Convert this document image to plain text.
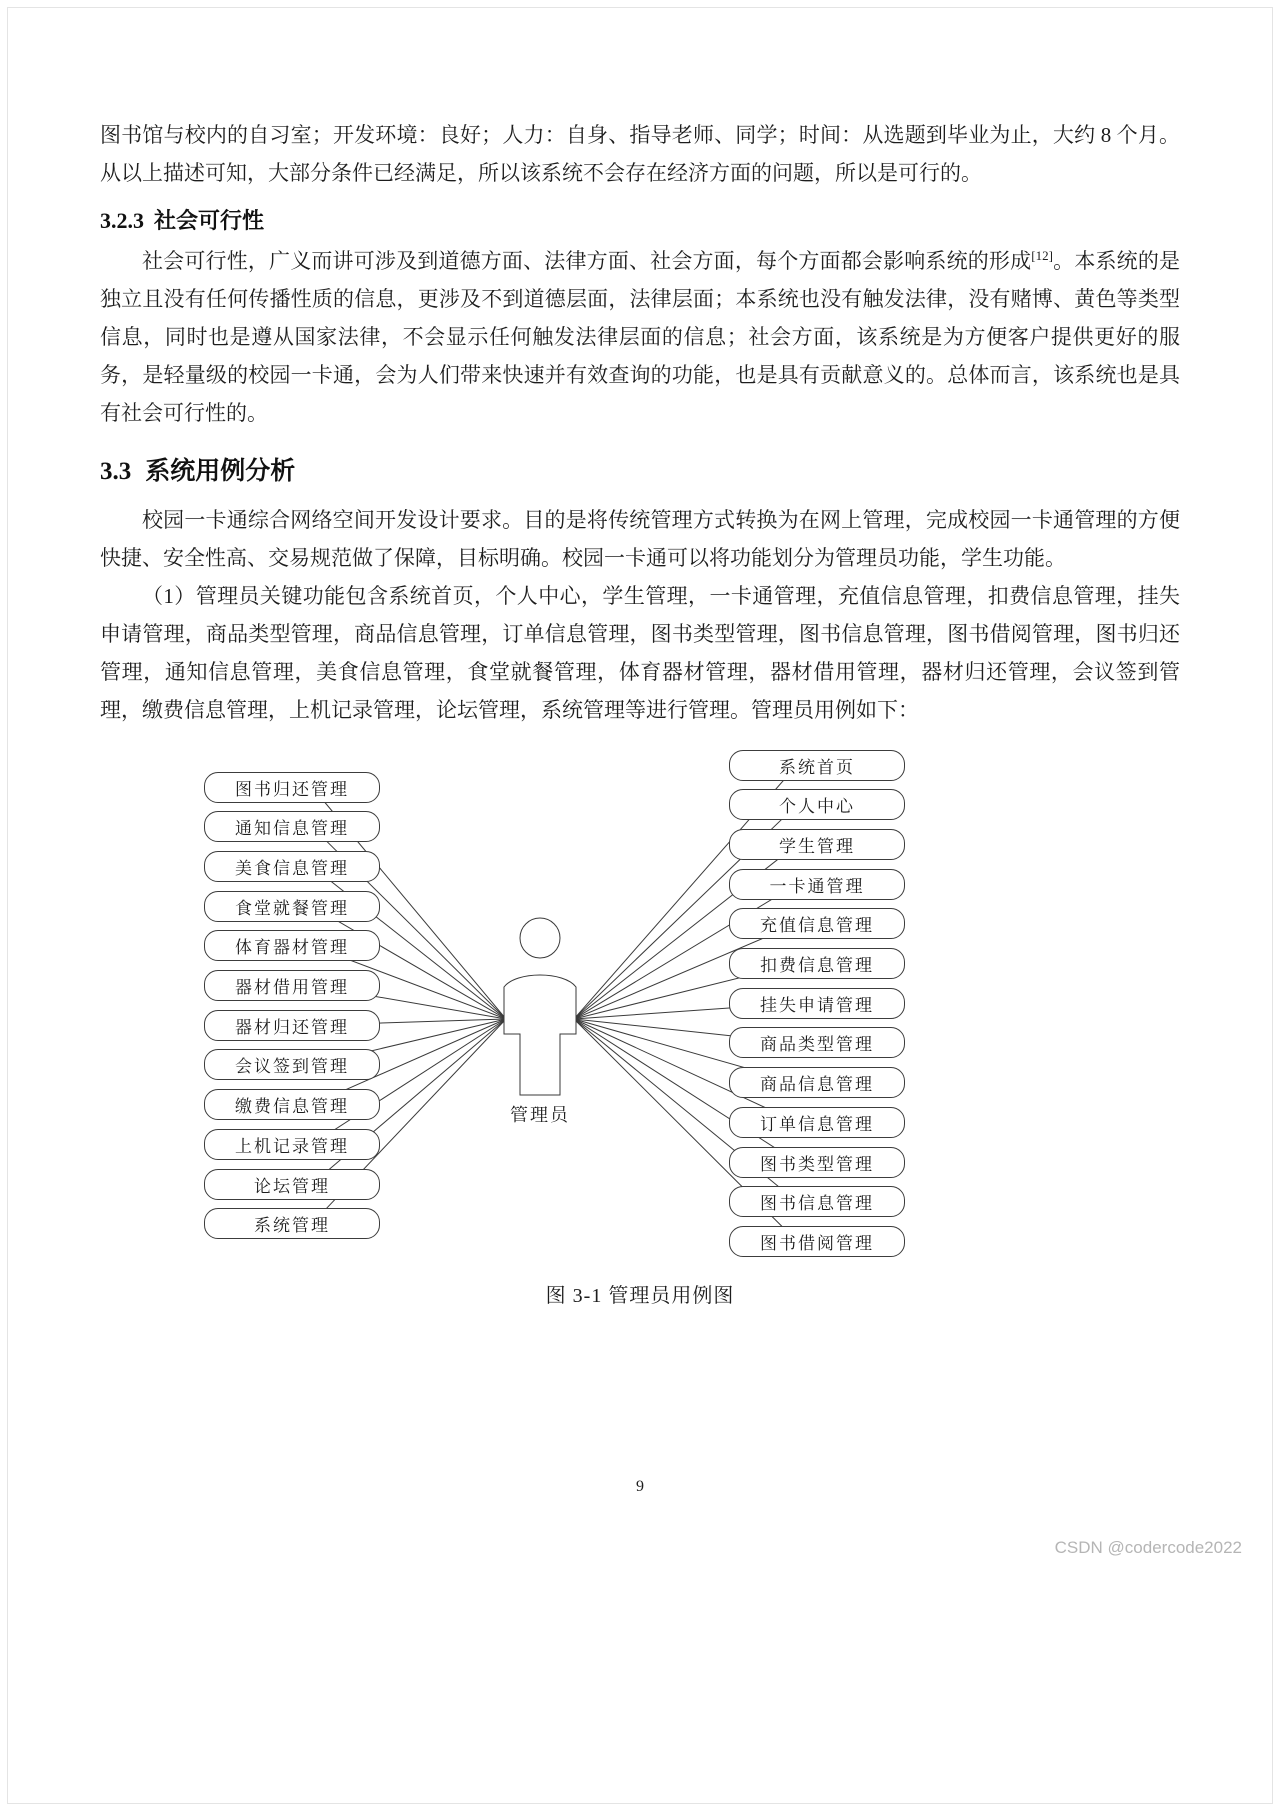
图书馆与校内的自习室；开发环境：良好；人力：自身、指导老师、同学；时间：从选题到毕业为止，大约 8 个月。从以上描述可知，大部分条件已经满足，所以该系统不会存在经济方面的问题，所以是可行的。

3.2.3 社会可行性

社会可行性，广义而讲可涉及到道德方面、法律方面、社会方面，每个方面都会影响系统的形成[12]。本系统的是独立且没有任何传播性质的信息，更涉及不到道德层面，法律层面；本系统也没有触发法律，没有赌博、黄色等类型信息，同时也是遵从国家法律，不会显示任何触发法律层面的信息；社会方面，该系统是为方便客户提供更好的服务，是轻量级的校园一卡通，会为人们带来快速并有效查询的功能，也是具有贡献意义的。总体而言，该系统也是具有社会可行性的。

3.3 系统用例分析

校园一卡通综合网络空间开发设计要求。目的是将传统管理方式转换为在网上管理，完成校园一卡通管理的方便快捷、安全性高、交易规范做了保障，目标明确。校园一卡通可以将功能划分为管理员功能，学生功能。

（1）管理员关键功能包含系统首页，个人中心，学生管理，一卡通管理，充值信息管理，扣费信息管理，挂失申请管理，商品类型管理，商品信息管理，订单信息管理，图书类型管理，图书信息管理，图书借阅管理，图书归还管理，通知信息管理，美食信息管理，食堂就餐管理，体育器材管理，器材借用管理，器材归还管理，会议签到管理，缴费信息管理，上机记录管理，论坛管理，系统管理等进行管理。管理员用例如下：

图书归还管理
通知信息管理
美食信息管理
食堂就餐管理
体育器材管理
器材借用管理
器材归还管理
会议签到管理
缴费信息管理
上机记录管理
论坛管理
系统管理
系统首页
个人中心
学生管理
一卡通管理
充值信息管理
扣费信息管理
挂失申请管理
商品类型管理
商品信息管理
订单信息管理
图书类型管理
图书信息管理
图书借阅管理
管理员
图 3-1 管理员用例图
9
CSDN @codercode2022
